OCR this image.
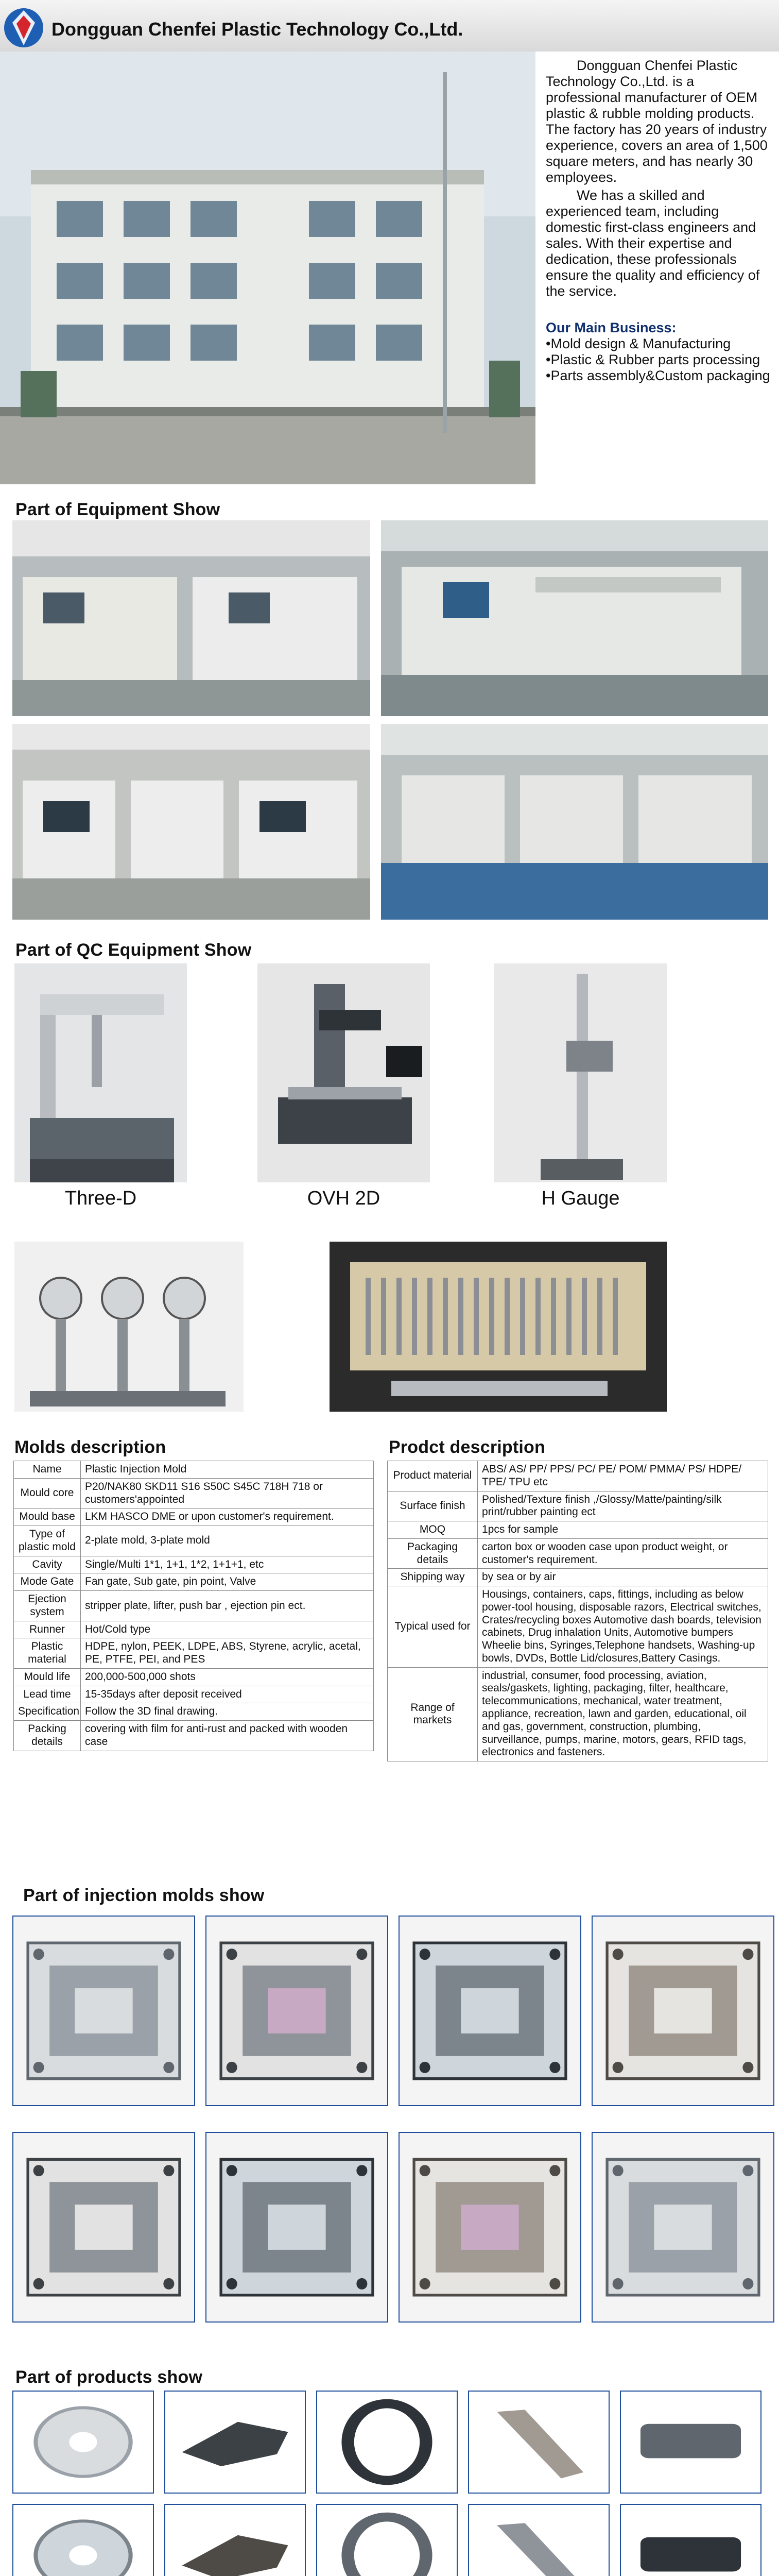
Dongguan Chenfei Plastic Technology Co.,Ltd.

Dongguan Chenfei Plastic Technology Co.,Ltd. is a professional manufacturer of OEM plastic & rubble molding products. The factory has 20 years of industry experience, covers an area of 1,500 square meters, and has nearly 30 employees.

We has a skilled and experienced team, including domestic first-class engineers and sales. With their expertise and dedication, these professionals ensure the quality and efficiency of the service.

Our Main Business:

•Mold design & Manufacturing

•Plastic & Rubber parts processing

•Parts assembly&Custom packaging

Part of Equipment Show
Part of QC Equipment Show
Three-D	OVH 2D	H Gauge
Molds description	Prodct description
Name	Plastic Injection Mold
Mould core	P20/NAK80 SKD11 S16 S50C S45C 718H 718 or customers'appointed
Mould base	LKM HASCO DME or upon customer's requirement.
Type of plastic mold	2-plate mold, 3-plate mold
Cavity	Single/Multi 1*1, 1+1, 1*2, 1+1+1, etc
Mode Gate	Fan gate, Sub gate, pin point, Valve
Ejection system	stripper plate, lifter, push bar , ejection pin ect.
Runner	Hot/Cold type
Plastic material	HDPE, nylon, PEEK, LDPE, ABS, Styrene, acrylic, acetal, PE, PTFE, PEI, and PES
Mould life	200,000-500,000 shots
Lead time	15-35days after deposit received
Specification	Follow the 3D final drawing.
Packing details	covering with film for anti-rust and packed with wooden case
Product material	ABS/ AS/ PP/ PPS/ PC/ PE/ POM/ PMMA/ PS/ HDPE/ TPE/ TPU etc
Surface finish	Polished/Texture finish ,/Glossy/Matte/painting/silk print/rubber painting ect
MOQ	1pcs for sample
Packaging details	carton box or wooden case upon product weight, or customer's requirement.
Shipping way	by sea or by air
Typical used for	Housings, containers, caps, fittings, including as below power-tool housing, disposable razors, Electrical switches, Crates/recycling boxes Automotive dash boards, television cabinets, Drug inhalation Units, Automotive bumpers Wheelie bins, Syringes,Telephone handsets, Washing-up bowls, DVDs, Bottle Lid/closures,Battery Casings.
Range of markets	industrial, consumer, food processing, aviation, seals/gaskets, lighting, packaging, filter, healthcare, telecommunications, mechanical, water treatment, appliance, recreation, lawn and garden, educational, oil and gas, government, construction, plumbing, surveillance, pumps, marine, motors, gears, RFID tags, electronics and fasteners.
Part of injection molds show
Part of products show
